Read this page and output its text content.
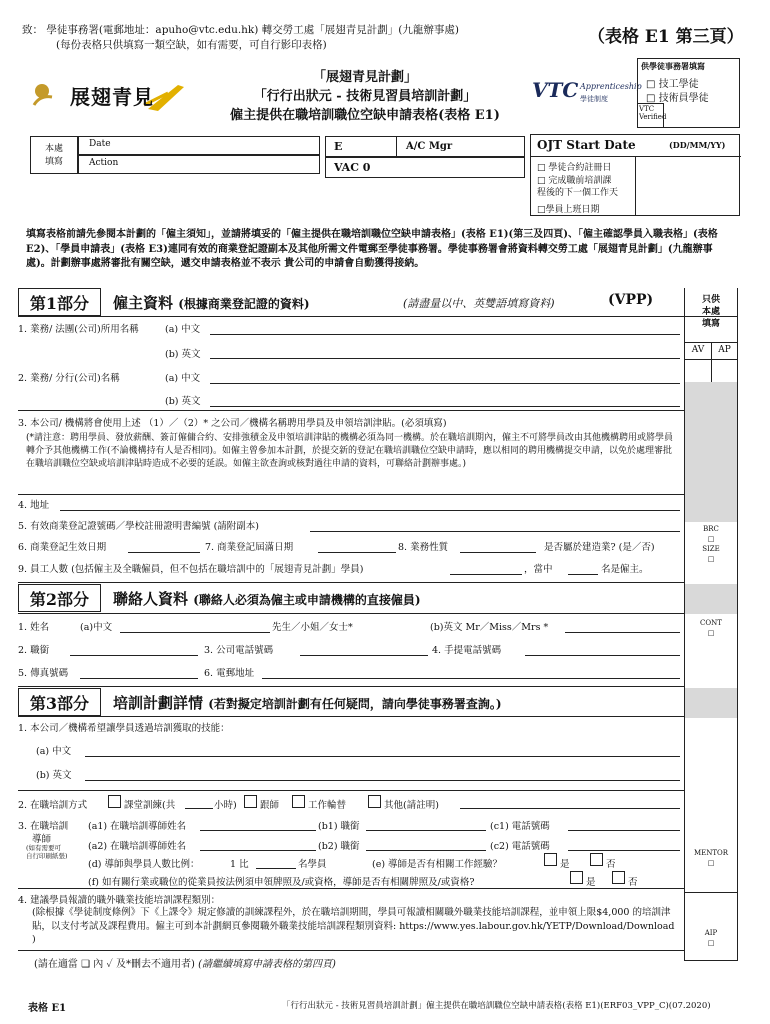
致： 學徒事務署(電郵地址：apuho@vtc.edu.hk) 轉交勞工處「展翅青見計劃」(九龍辦事處)
(每份表格只供填寫一類空缺，如有需要，可自行影印表格)	（表格 E1 第三頁）
展翅青見
「展翅青見計劃」
「行行出狀元 - 技術見習員培訓計劃」
僱主提供在職培訓職位空缺申請表格(表格 E1)
VTC Apprenticeship
學徒制度
供學徒事務署填寫
□ 技工學徒
□ 技術員學徒
VTC
Verified
本處
填寫
Date
Action
E	A/C Mgr
VAC 0
OJT Start Date	(DD/MM/YY)
□ 學徒合約註冊日
□ 完成職前培訓課
程後的下一個工作天
□學員上班日期
填寫表格前請先參閱本計劃的「僱主須知」，並請將填妥的「僱主提供在職培訓職位空缺申請表格」(表格 E1)(第三及四頁)、「僱主確認學員入職表格」(表格 E2)、「學員申請表」(表格 E3)連同有效的商業登記證副本及其他所需文件電郵至學徒事務署。學徒事務署會將資料轉交勞工處「展翅青見計劃」(九龍辦事處)。計劃辦事處將審批有關空缺，遞交申請表格並不表示 貴公司的申請會自動獲得接納。
只供
本處
填寫
AV	AP
BRC
□
SIZE
□
CONT
□
MENTOR
□
AIP
□
第1部分	僱主資料 (根據商業登記證的資料)	(請盡量以中、英雙語填寫資料)	(VPP)
1. 業務/ 法團(公司)所用名稱	(a) 中文
(b) 英文
2. 業務/ 分行(公司)名稱	(a) 中文
(b) 英文
3. 本公司/ 機構將會使用上述 （1）／（2）* 之公司／機構名稱聘用學員及申領培訓津貼。(必須填寫)
(*請注意：聘用學員、發放薪酬、簽訂僱傭合約、安排強積金及申領培訓津貼的機構必須為同一機構。於在職培訓期內，僱主不可將學員改由其他機構聘用或將學員轉介予其他機構工作(不論機構持有人是否相同)。如僱主曾參加本計劃，於提交新的登記在職培訓職位空缺申請時，應以相同的聘用機構提交申請，以免於處理審批在職培訓職位空缺或培訓津貼時造成不必要的延誤。如僱主欲查詢或核對過往申請的資料，可聯絡計劃辦事處。)
4. 地址
5. 有效商業登記證號碼／學校註冊證明書編號 (請附副本)
6. 商業登記生效日期	7. 商業登記屆滿日期	8. 業務性質	是否屬於建造業? (是／否)
9. 員工人數 (包括僱主及全職僱員，但不包括在職培訓中的「展翅青見計劃」學員)	，當中	名是僱主。
第2部分	聯絡人資料 (聯絡人必須為僱主或申請機構的直接僱員)
1. 姓名	(a)中文	先生／小姐／女士*	(b)英文 Mr／Miss／Mrs *
2. 職銜	3. 公司電話號碼	4. 手提電話號碼
5. 傳真號碼	6. 電郵地址
第3部分	培訓計劃詳情 (若對擬定培訓計劃有任何疑問，請向學徒事務署查詢。)
1. 本公司／機構希望讓學員透過培訓獲取的技能：
(a) 中文
(b) 英文
2. 在職培訓方式	課堂訓練(共	小時) 跟師	工作輪替	其他(請註明)
3. 在職培訓
導師
(如有需要可
自行印刷紙張)
(a1) 在職培訓導師姓名	(b1) 職銜	(c1) 電話號碼
(a2) 在職培訓導師姓名	(b2) 職銜	(c2) 電話號碼
(d) 導師與學員人數比例：	1 比	名學員	(e) 導師是否有相關工作經驗？	是	否
(f) 如有關行業或職位的從業員按法例須申領牌照及/或資格，導師是否有相關牌照及/或資格?	是	否
4. 建議學員報讀的職外職業技能培訓課程類別：
(除根據《學徒制度條例》下《上課令》規定修讀的訓練課程外，於在職培訓期間，學員可報讀相關職外職業技能培訓課程，並申領上限$4,000 的培訓津貼，以支付考試及課程費用。僱主可到本計劃網頁參閱職外職業技能培訓課程類別資料: https://www.yes.labour.gov.hk/YETP/Download/Download )
(請在適當 ❑ 內 ✓ 及*刪去不適用者) (請繼續填寫申請表格的第四頁)
表格 E1	「行行出狀元 - 技術見習員培訓計劃」僱主提供在職培訓職位空缺申請表格(表格 E1)(ERF03_VPP_C)(07.2020)
